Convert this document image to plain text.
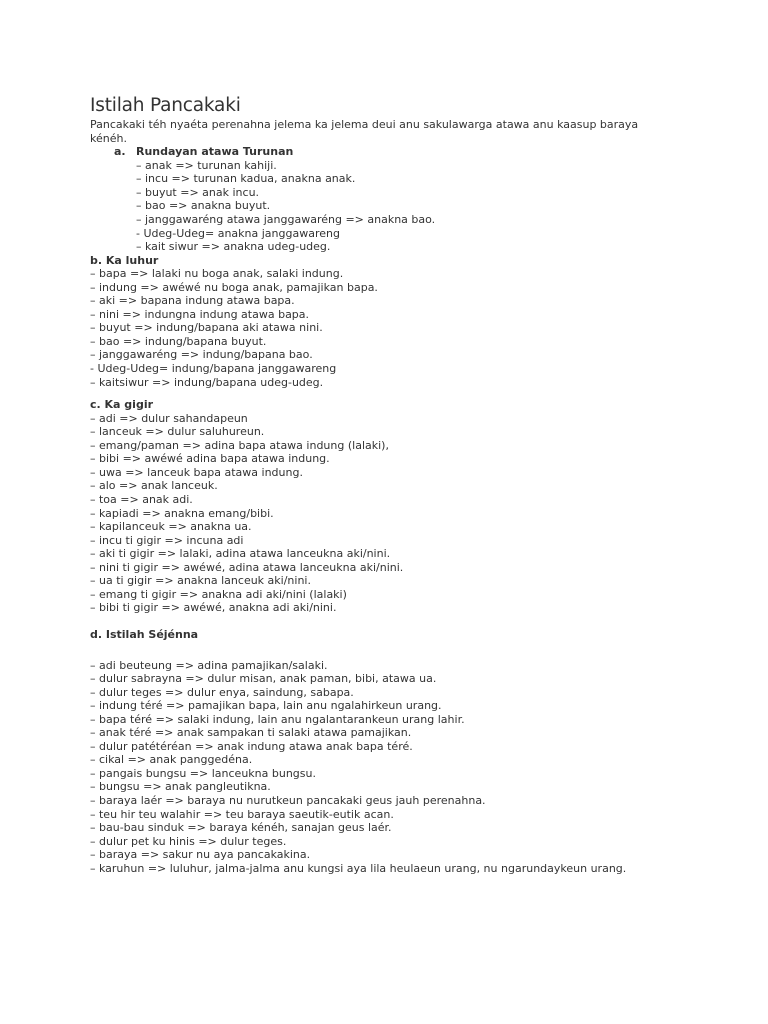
Istilah Pancakaki

Pancakaki téh nyaéta perenahna jelema ka jelema deui anu sakulawarga atawa anu kaasup baraya kénéh.

a. Rundayan atawa Turunan
– anak => turunan kahiji.
– incu => turunan kadua, anakna anak.
– buyut => anak incu.
– bao => anakna buyut.
– janggawaréng atawa janggawaréng => anakna bao.
- Udeg-Udeg= anakna janggawareng
– kait siwur => anakna udeg-udeg.
b. Ka luhur
– bapa => lalaki nu boga anak, salaki indung.
– indung => awéwé nu boga anak, pamajikan bapa.
– aki => bapana indung atawa bapa.
– nini => indungna indung atawa bapa.
– buyut => indung/bapana aki atawa nini.
– bao => indung/bapana buyut.
– janggawaréng => indung/bapana bao.
- Udeg-Udeg= indung/bapana janggawareng
– kaitsiwur => indung/bapana udeg-udeg.
c. Ka gigir
– adi => dulur sahandapeun
– lanceuk => dulur saluhureun.
– emang/paman => adina bapa atawa indung (lalaki),
– bibi => awéwé adina bapa atawa indung.
– uwa => lanceuk bapa atawa indung.
– alo => anak lanceuk.
– toa => anak adi.
– kapiadi => anakna emang/bibi.
– kapilanceuk => anakna ua.
– incu ti gigir => incuna adi
– aki ti gigir => lalaki, adina atawa lanceukna aki/nini.
– nini ti gigir => awéwé, adina atawa lanceukna aki/nini.
– ua ti gigir => anakna lanceuk aki/nini.
– emang ti gigir => anakna adi aki/nini (lalaki)
– bibi ti gigir => awéwé, anakna adi aki/nini.
d. Istilah Séjénna
– adi beuteung => adina pamajikan/salaki.
– dulur sabrayna => dulur misan, anak paman, bibi, atawa ua.
– dulur teges => dulur enya, saindung, sabapa.
– indung téré => pamajikan bapa, lain anu ngalahirkeun urang.
– bapa téré => salaki indung, lain anu ngalantarankeun urang lahir.
– anak téré => anak sampakan ti salaki atawa pamajikan.
– dulur patétéréan => anak indung atawa anak bapa téré.
– cikal => anak panggedéna.
– pangais bungsu => lanceukna bungsu.
– bungsu => anak pangleutikna.
– baraya laér => baraya nu nurutkeun pancakaki geus jauh perenahna.
– teu hir teu walahir => teu baraya saeutik-eutik acan.
– bau-bau sinduk => baraya kénéh, sanajan geus laér.
– dulur pet ku hinis => dulur teges.
– baraya => sakur nu aya pancakakina.
– karuhun => luluhur, jalma-jalma anu kungsi aya lila heulaeun urang, nu ngarundaykeun urang.
